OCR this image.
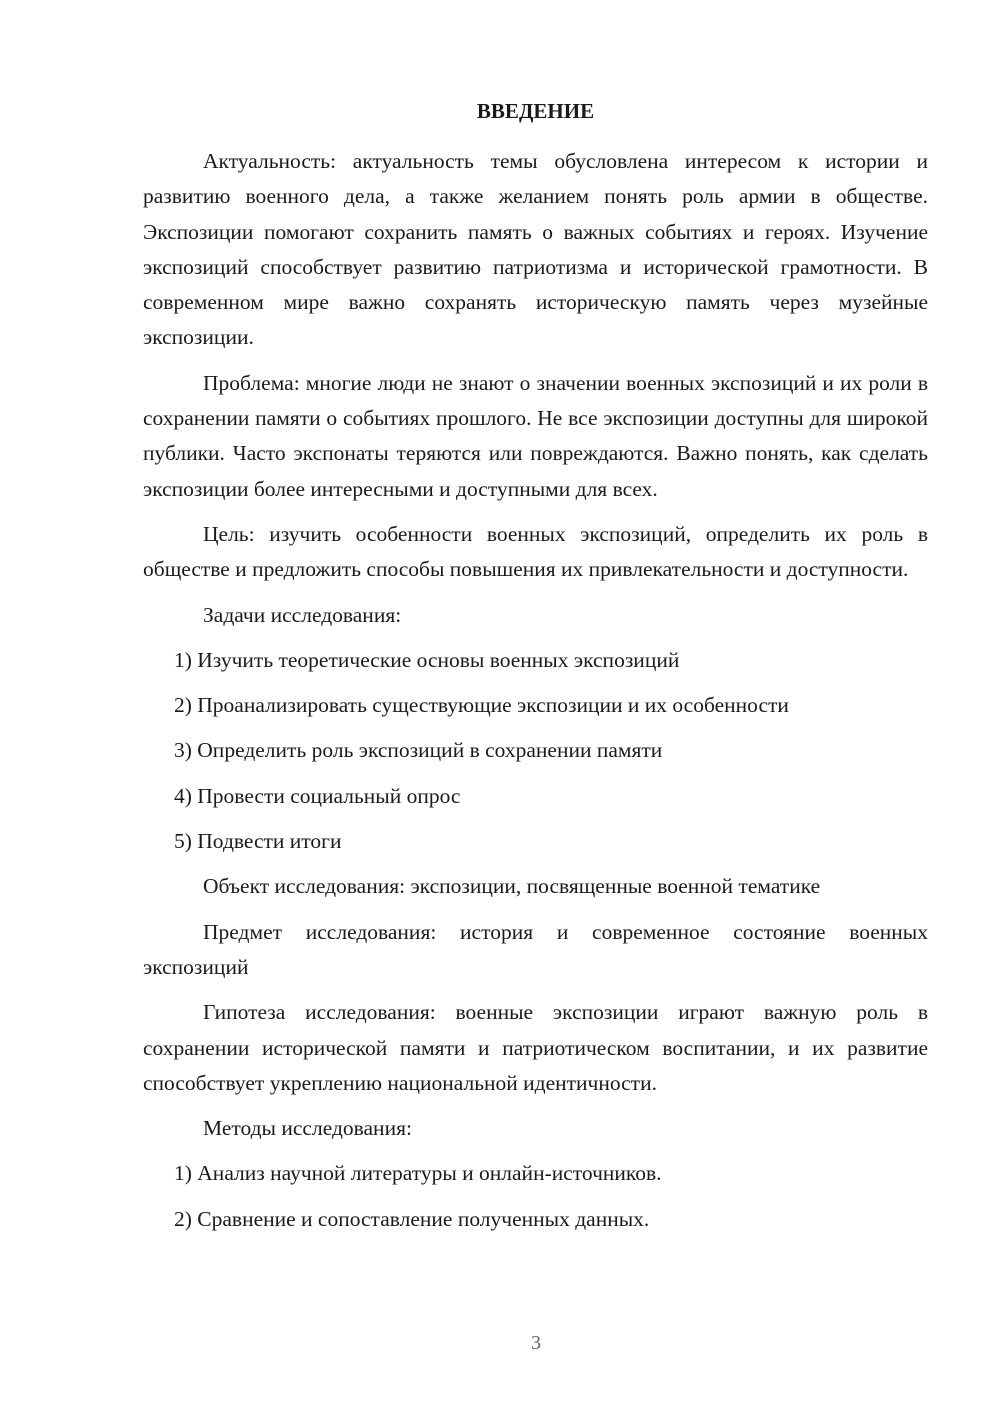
ВВЕДЕНИЕ

Актуальность: актуальность темы обусловлена интересом к истории и развитию военного дела, а также желанием понять роль армии в обществе. Экспозиции помогают сохранить память о важных событиях и героях. Изучение экспозиций способствует развитию патриотизма и исторической грамотности. В современном мире важно сохранять историческую память через музейные экспозиции.

Проблема: многие люди не знают о значении военных экспозиций и их роли в сохранении памяти о событиях прошлого. Не все экспозиции доступны для широкой публики. Часто экспонаты теряются или повреждаются. Важно понять, как сделать экспозиции более интересными и доступными для всех.

Цель: изучить особенности военных экспозиций, определить их роль в обществе и предложить способы повышения их привлекательности и доступности.

Задачи исследования:

1) Изучить теоретические основы военных экспозиций

2) Проанализировать существующие экспозиции и их особенности

3) Определить роль экспозиций в сохранении памяти

4) Провести социальный опрос

5) Подвести итоги

Объект исследования: экспозиции, посвященные военной тематике

Предмет исследования: история и современное состояние военных экспозиций

Гипотеза исследования: военные экспозиции играют важную роль в сохранении исторической памяти и патриотическом воспитании, и их развитие способствует укреплению национальной идентичности.

Методы исследования:

1) Анализ научной литературы и онлайн-источников.

2) Сравнение и сопоставление полученных данных.

3
